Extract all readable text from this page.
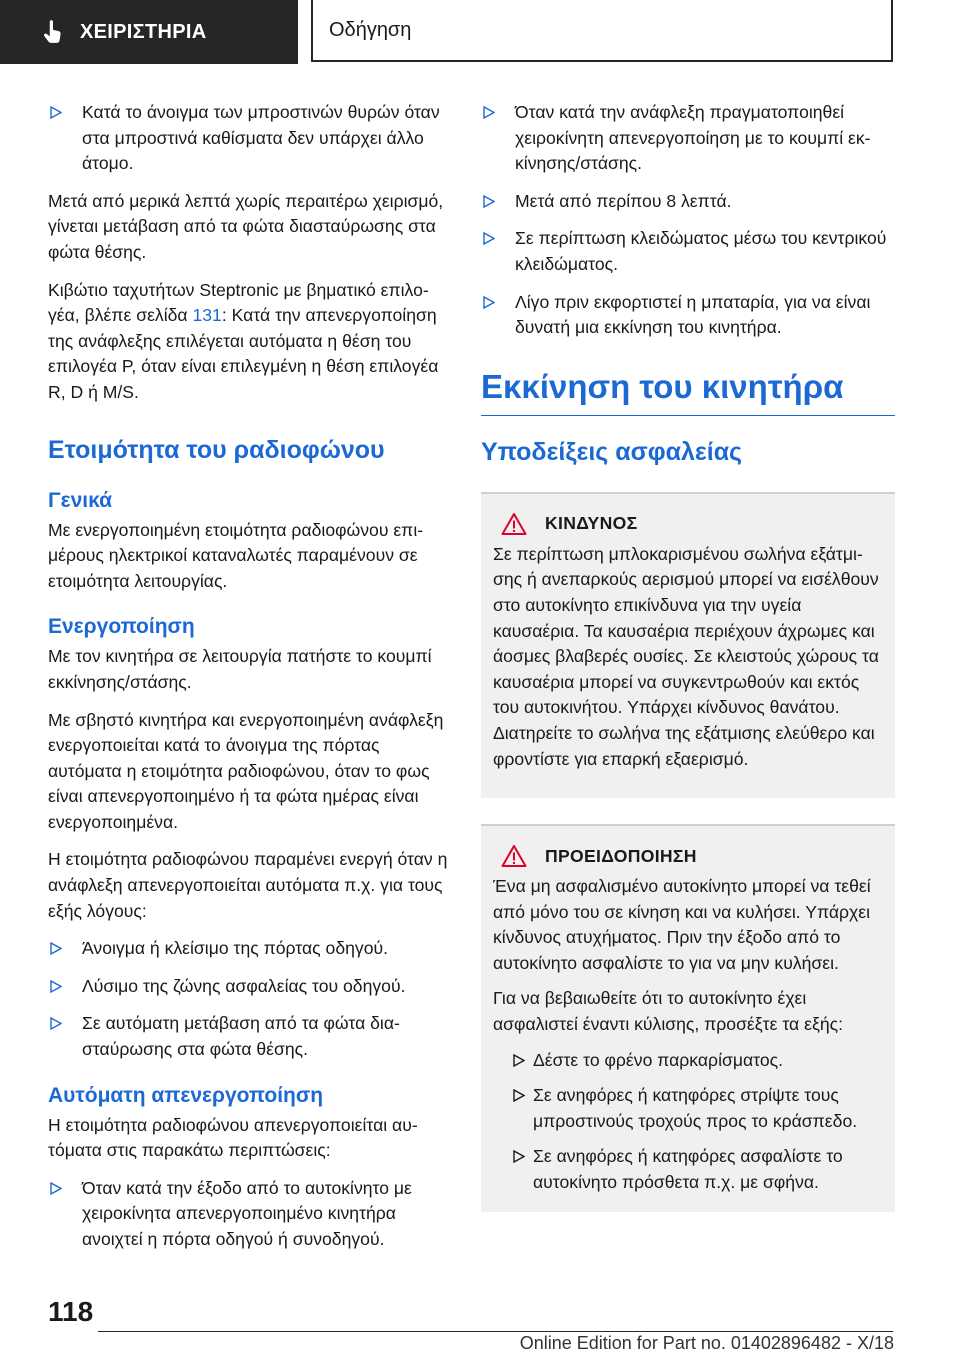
ΧΕΙΡΙΣΤΗΡΙΑ	Οδήγηση
Κατά το άνοιγμα των μπροστινών θυρών όταν στα μπροστινά καθίσματα δεν υπάρχει άλλο άτομο.

Μετά από μερικά λεπτά χωρίς περαιτέρω χειρισμό, γίνεται μετάβαση από τα φώτα διασταύρωσης στα φώτα θέσης.

Κιβώτιο ταχυτήτων Steptronic με βηματικό επιλογέα, βλέπε σελίδα 131: Κατά την απενεργοποίηση της ανάφλεξης επιλέγεται αυτόματα η θέση του επιλογέα P, όταν είναι επιλεγμένη η θέση επιλογέα R, D ή M/S.

Ετοιμότητα του ραδιοφώνου
Γενικά

Με ενεργοποιημένη ετοιμότητα ραδιοφώνου επιμέρους ηλεκτρικοί καταναλωτές παραμένουν σε ετοιμότητα λειτουργίας.

Ενεργοποίηση

Με τον κινητήρα σε λειτουργία πατήστε το κουμπί εκκίνησης/στάσης.

Με σβηστό κινητήρα και ενεργοποιημένη ανάφλεξη ενεργοποιείται κατά το άνοιγμα της πόρτας αυτόματα η ετοιμότητα ραδιοφώνου, όταν το φως είναι απενεργοποιημένο ή τα φώτα ημέρας είναι ενεργοποιημένα.

Η ετοιμότητα ραδιοφώνου παραμένει ενεργή όταν η ανάφλεξη απενεργοποιείται αυτόματα π.χ. για τους εξής λόγους:

Άνοιγμα ή κλείσιμο της πόρτας οδηγού.
Λύσιμο της ζώνης ασφαλείας του οδηγού.
Σε αυτόματη μετάβαση από τα φώτα διασταύρωσης στα φώτα θέσης.
Αυτόματη απενεργοποίηση

Η ετοιμότητα ραδιοφώνου απενεργοποιείται αυτόματα στις παρακάτω περιπτώσεις:

Όταν κατά την έξοδο από το αυτοκίνητο με χειροκίνητα απενεργοποιημένο κινητήρα ανοιχτεί η πόρτα οδηγού ή συνοδηγού.
Όταν κατά την ανάφλεξη πραγματοποιηθεί χειροκίνητη απενεργοποίηση με το κουμπί εκκίνησης/στάσης.
Μετά από περίπου 8 λεπτά.
Σε περίπτωση κλειδώματος μέσω του κεντρικού κλειδώματος.
Λίγο πριν εκφορτιστεί η μπαταρία, για να είναι δυνατή μια εκκίνηση του κινητήρα.
Εκκίνηση του κινητήρα
Υποδείξεις ασφαλείας
ΚΙΝΔΥΝΟΣ

Σε περίπτωση μπλοκαρισμένου σωλήνα εξάτμισης ή ανεπαρκούς αερισμού μπορεί να εισέλθουν στο αυτοκίνητο επικίνδυνα για την υγεία καυσαέρια. Τα καυσαέρια περιέχουν άχρωμες και άοσμες βλαβερές ουσίες. Σε κλειστούς χώρους τα καυσαέρια μπορεί να συγκεντρωθούν και εκτός του αυτοκινήτου. Υπάρχει κίνδυνος θανάτου. Διατηρείτε το σωλήνα της εξάτμισης ελεύθερο και φροντίστε για επαρκή εξαερισμό.

ΠΡΟΕΙΔΟΠΟΙΗΣΗ

Ένα μη ασφαλισμένο αυτοκίνητο μπορεί να τεθεί από μόνο του σε κίνηση και να κυλήσει. Υπάρχει κίνδυνος ατυχήματος. Πριν την έξοδο από το αυτοκίνητο ασφαλίστε το για να μην κυλήσει.

Για να βεβαιωθείτε ότι το αυτοκίνητο έχει ασφαλιστεί έναντι κύλισης, προσέξτε τα εξής:

Δέστε το φρένο παρκαρίσματος.
Σε ανηφόρες ή κατηφόρες στρίψτε τους μπροστινούς τροχούς προς το κράσπεδο.
Σε ανηφόρες ή κατηφόρες ασφαλίστε το αυτοκίνητο πρόσθετα π.χ. με σφήνα.
118
Online Edition for Part no. 01402896482 - X/18
